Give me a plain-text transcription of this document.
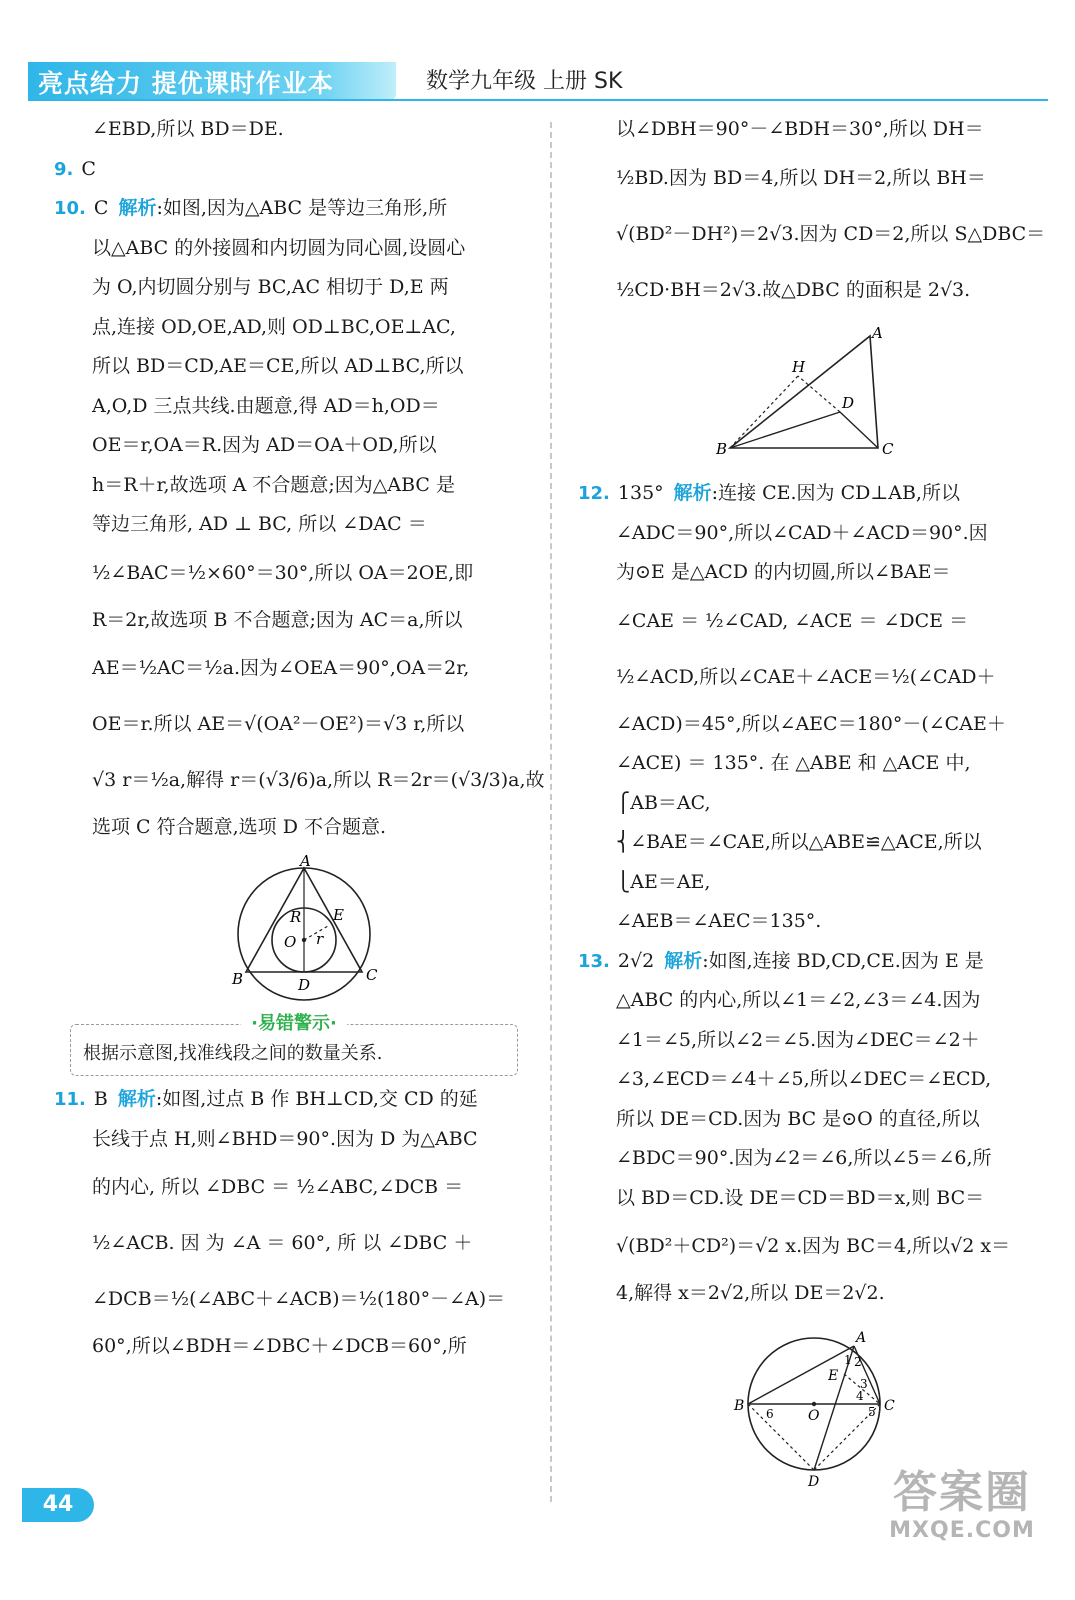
亮点给力 提优课时作业本	数学九年级 上册 SK
∠EBD,所以 BD＝DE.
9. C
10. C 解析:如图,因为△ABC 是等边三角形,所
以△ABC 的外接圆和内切圆为同心圆,设圆心
为 O,内切圆分别与 BC,AC 相切于 D,E 两
点,连接 OD,OE,AD,则 OD⊥BC,OE⊥AC,
所以 BD＝CD,AE＝CE,所以 AD⊥BC,所以
A,O,D 三点共线.由题意,得 AD＝h,OD＝
OE＝r,OA＝R.因为 AD＝OA＋OD,所以
h＝R＋r,故选项 A 不合题意;因为△ABC 是
等边三角形, AD ⊥ BC, 所以 ∠DAC ＝
½∠BAC＝½×60°＝30°,所以 OA＝2OE,即
R＝2r,故选项 B 不合题意;因为 AC＝a,所以
AE＝½AC＝½a.因为∠OEA＝90°,OA＝2r,
OE＝r.所以 AE＝√(OA²－OE²)＝√3 r,所以
√3 r＝½a,解得 r＝(√3/6)a,所以 R＝2r＝(√3/3)a,故
选项 C 符合题意,选项 D 不合题意.
A
B	C
D
E
O
R
r
·易错警示·
根据示意图,找准线段之间的数量关系.
11. B 解析:如图,过点 B 作 BH⊥CD,交 CD 的延
长线于点 H,则∠BHD＝90°.因为 D 为△ABC
的内心, 所以 ∠DBC ＝ ½∠ABC,∠DCB ＝
½∠ACB. 因 为 ∠A ＝ 60°, 所 以 ∠DBC ＋
∠DCB＝½(∠ABC＋∠ACB)＝½(180°－∠A)＝
60°,所以∠BDH＝∠DBC＋∠DCB＝60°,所
以∠DBH＝90°－∠BDH＝30°,所以 DH＝
½BD.因为 BD＝4,所以 DH＝2,所以 BH＝
√(BD²－DH²)＝2√3.因为 CD＝2,所以 S△DBC＝
½CD·BH＝2√3.故△DBC 的面积是 2√3.
A
H
D
B	C
12. 135° 解析:连接 CE.因为 CD⊥AB,所以
∠ADC＝90°,所以∠CAD＋∠ACD＝90°.因
为⊙E 是△ACD 的内切圆,所以∠BAE＝
∠CAE ＝ ½∠CAD, ∠ACE ＝ ∠DCE ＝
½∠ACD,所以∠CAE＋∠ACE＝½(∠CAD＋
∠ACD)＝45°,所以∠AEC＝180°－(∠CAE＋
∠ACE) ＝ 135°. 在 △ABE 和 △ACE 中,
⎧AB＝AC,
⎨∠BAE＝∠CAE,所以△ABE≌△ACE,所以
⎩AE＝AE,
∠AEB＝∠AEC＝135°.
13. 2√2 解析:如图,连接 BD,CD,CE.因为 E 是
△ABC 的内心,所以∠1＝∠2,∠3＝∠4.因为
∠1＝∠5,所以∠2＝∠5.因为∠DEC＝∠2＋
∠3,∠ECD＝∠4＋∠5,所以∠DEC＝∠ECD,
所以 DE＝CD.因为 BC 是⊙O 的直径,所以
∠BDC＝90°.因为∠2＝∠6,所以∠5＝∠6,所
以 BD＝CD.设 DE＝CD＝BD＝x,则 BC＝
√(BD²＋CD²)＝√2 x.因为 BC＝4,所以√2 x＝
4,解得 x＝2√2,所以 DE＝2√2.
A
B	C
D
E
O
1 2
3
4
5
6
44	答案圈
MXQE.COM
